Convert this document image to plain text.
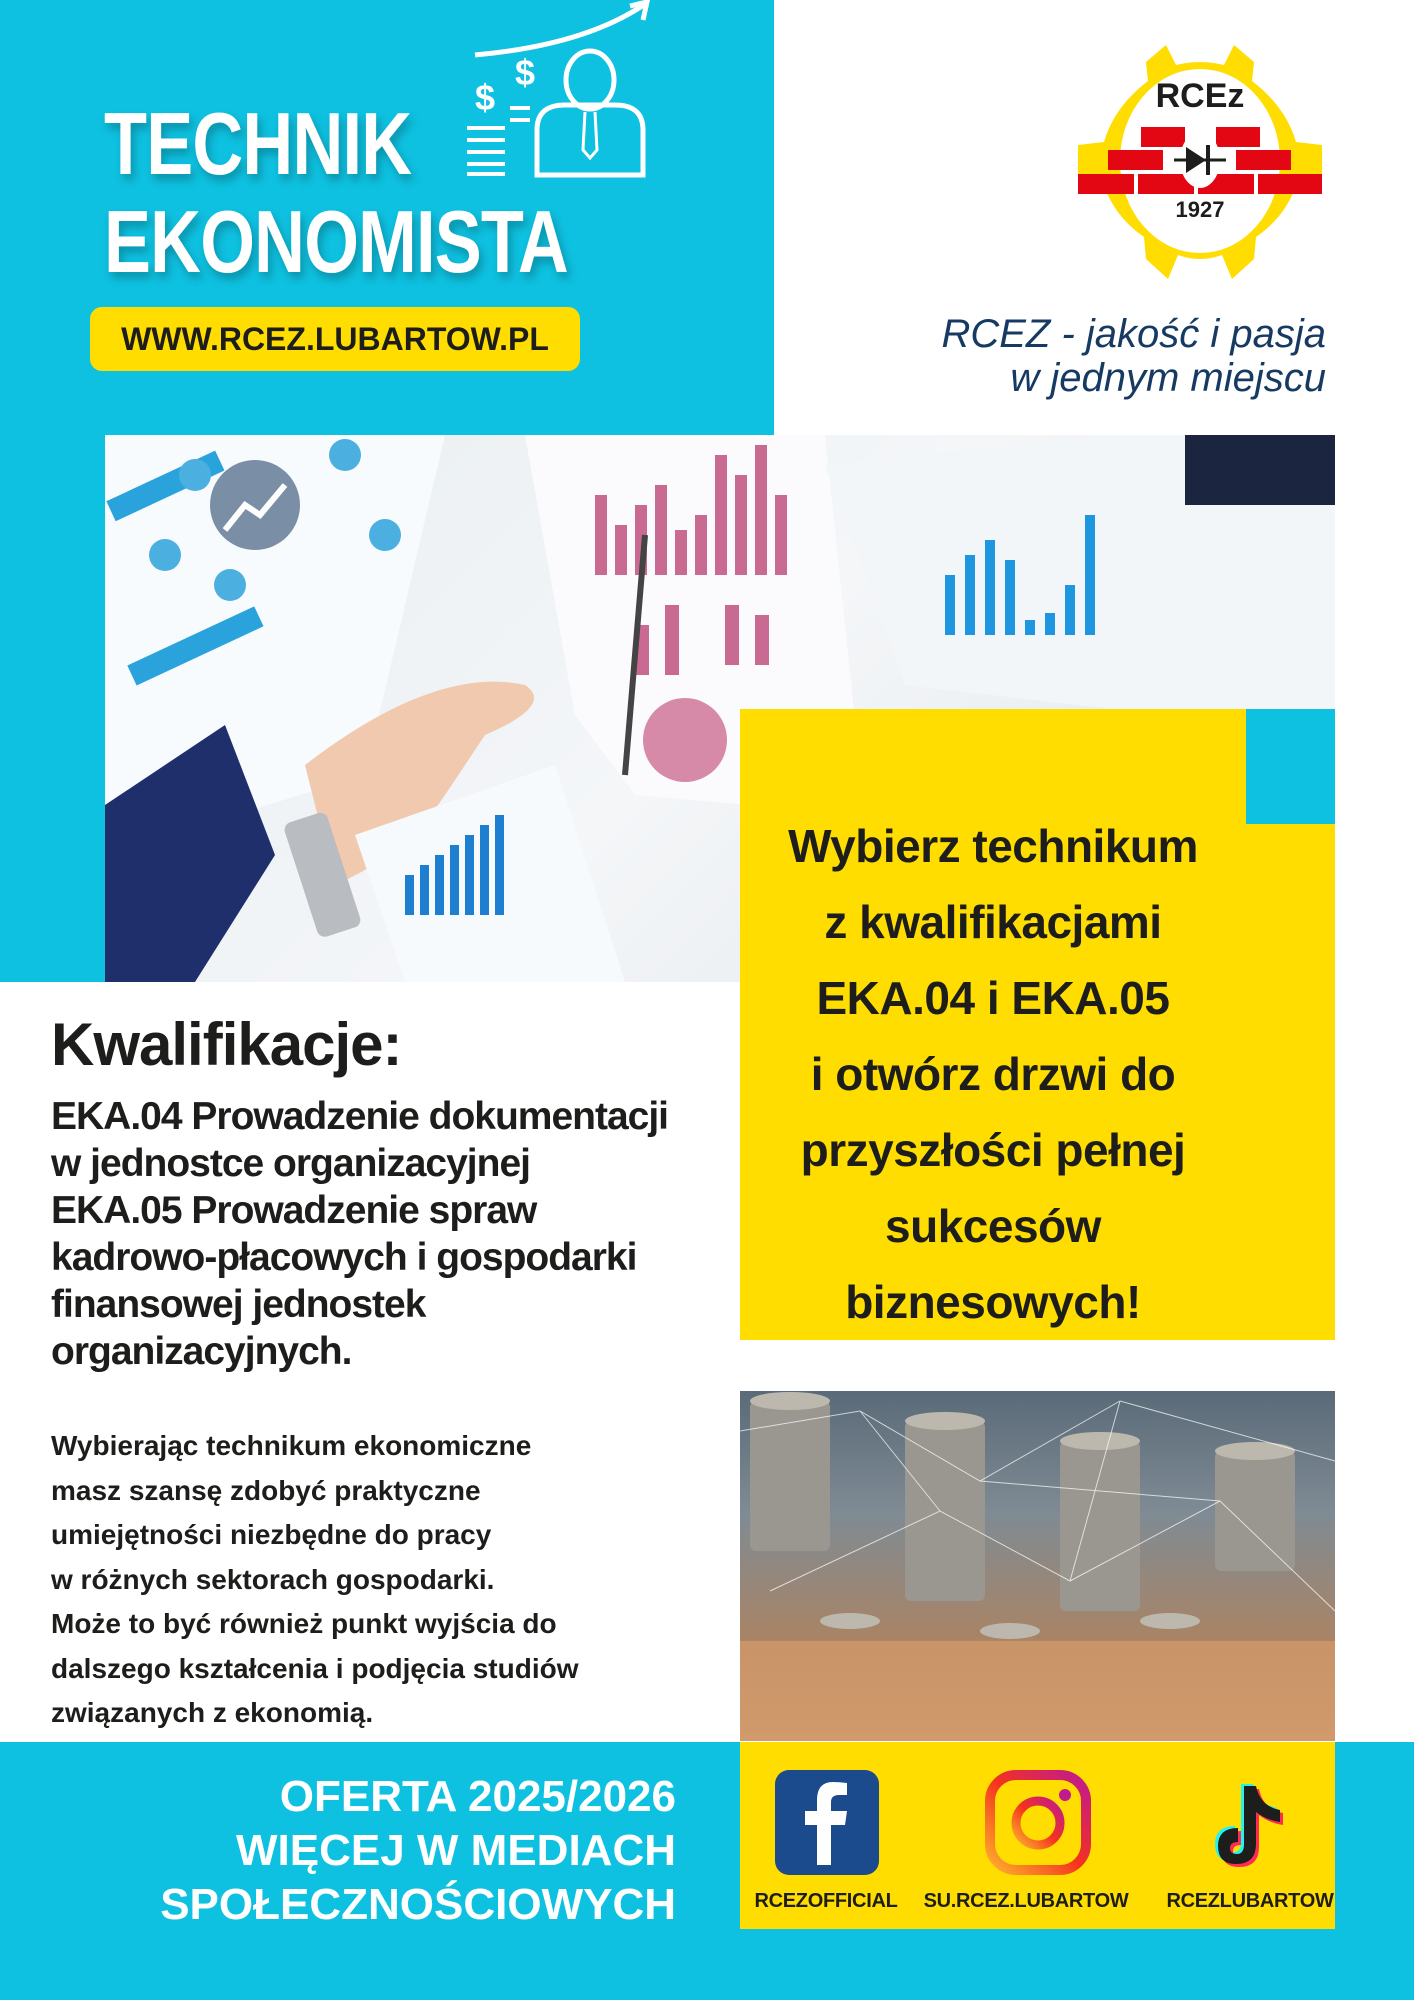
TECHNIK
EKONOMISTA
$
$
WWW.RCEZ.LUBARTOW.PL
RCEz
1927
RCEZ - jakość i pasja
w jednym miejscu
Wybierz technikum
z kwalifikacjami
EKA.04 i EKA.05
i otwórz drzwi do
przyszłości pełnej
sukcesów
biznesowych!
Kwalifikacje:
EKA.04 Prowadzenie dokumentacji
w jednostce organizacyjnej
EKA.05 Prowadzenie spraw
kadrowo-płacowych i gospodarki
finansowej jednostek
organizacyjnych.
Wybierając technikum ekonomiczne
masz szansę zdobyć praktyczne
umiejętności niezbędne do pracy
w różnych sektorach gospodarki.
Może to być również punkt wyjścia do
dalszego kształcenia i podjęcia studiów
związanych z ekonomią.
OFERTA 2025/2026
WIĘCEJ W MEDIACH
SPOŁECZNOŚCIOWYCH	RCEZOFFICIAL SU.RCEZ.LUBARTOW RCEZLUBARTOW
